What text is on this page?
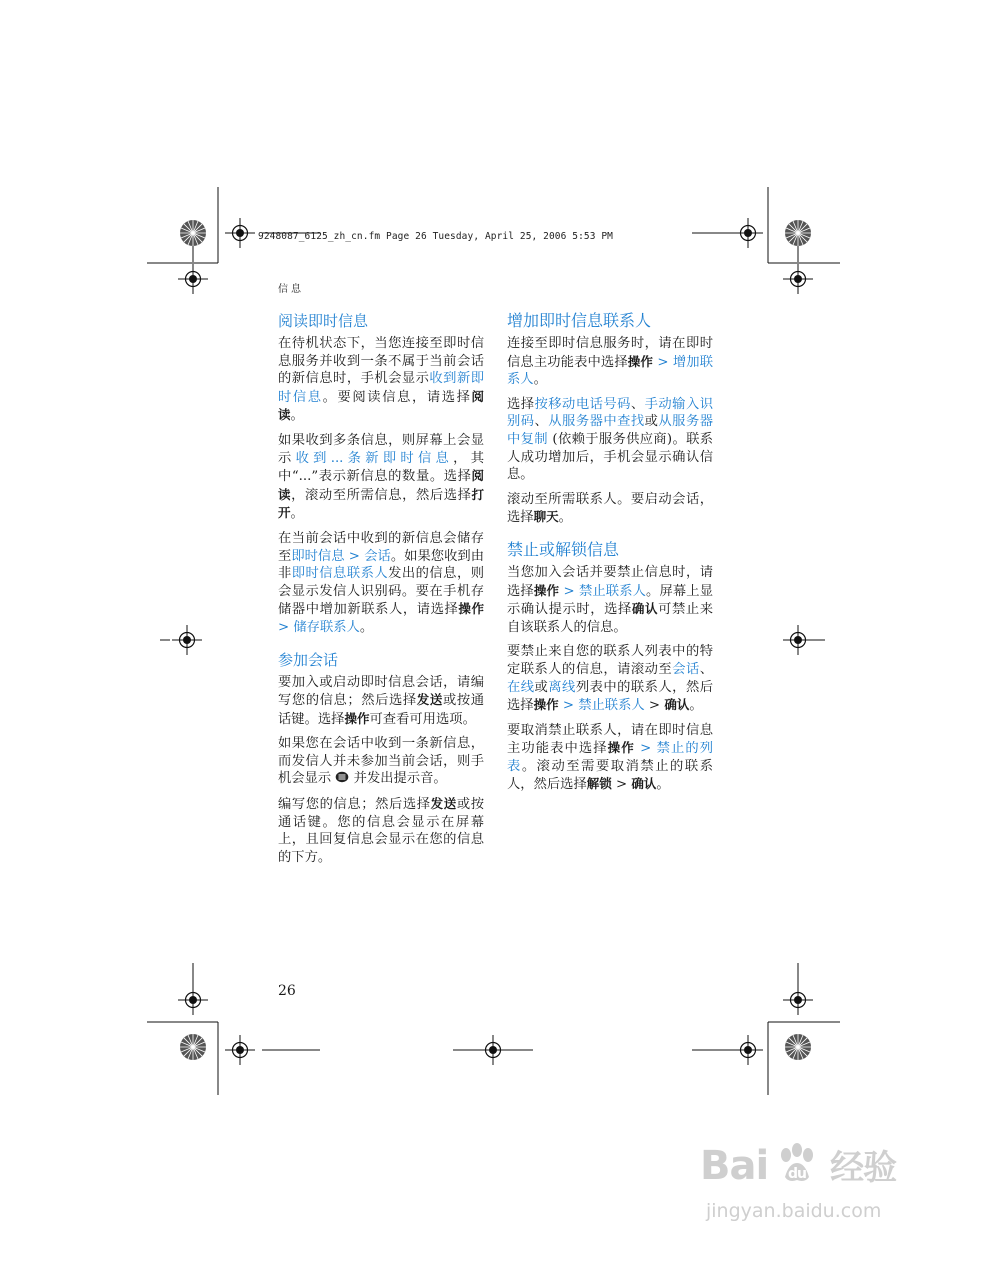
9248087_6125_zh_cn.fm Page 26 Tuesday, April 25, 2006 5:53 PM
信息
阅读即时信息

在待机状态下，当您连接至即时信息服务并收到一条不属于当前会话的新信息时，手机会显示收到新即时信息。要阅读信息，请选择阅读。

如果收到多条信息，则屏幕上会显示收到...条新即时信息，其中“...”表示新信息的数量。选择阅读，滚动至所需信息，然后选择打开。

在当前会话中收到的新信息会储存至即时信息 > 会话。如果您收到由非即时信息联系人发出的信息，则会显示发信人识别码。要在手机存储器中增加新联系人，请选择操作 > 储存联系人。

参加会话

要加入或启动即时信息会话，请编写您的信息；然后选择发送或按通话键。选择操作可查看可用选项。

如果您在会话中收到一条新信息，而发信人并未参加当前会话，则手机会显示 并发出提示音。

编写您的信息；然后选择发送或按通话键。您的信息会显示在屏幕上，且回复信息会显示在您的信息的下方。

增加即时信息联系人

连接至即时信息服务时，请在即时信息主功能表中选择操作 > 增加联系人。

选择按移动电话号码、手动输入识别码、从服务器中查找或从服务器中复制 (依赖于服务供应商)。联系人成功增加后，手机会显示确认信息。

滚动至所需联系人。要启动会话，选择聊天。

禁止或解锁信息

当您加入会话并要禁止信息时，请选择操作 > 禁止联系人。屏幕上显示确认提示时，选择确认可禁止来自该联系人的信息。

要禁止来自您的联系人列表中的特定联系人的信息，请滚动至会话、在线或离线列表中的联系人，然后选择操作 > 禁止联系人 > 确认。

要取消禁止联系人，请在即时信息主功能表中选择操作 > 禁止的列表。滚动至需要取消禁止的联系人，然后选择解锁 > 确认。

26
Bai du 经验
jingyan.baidu.com
